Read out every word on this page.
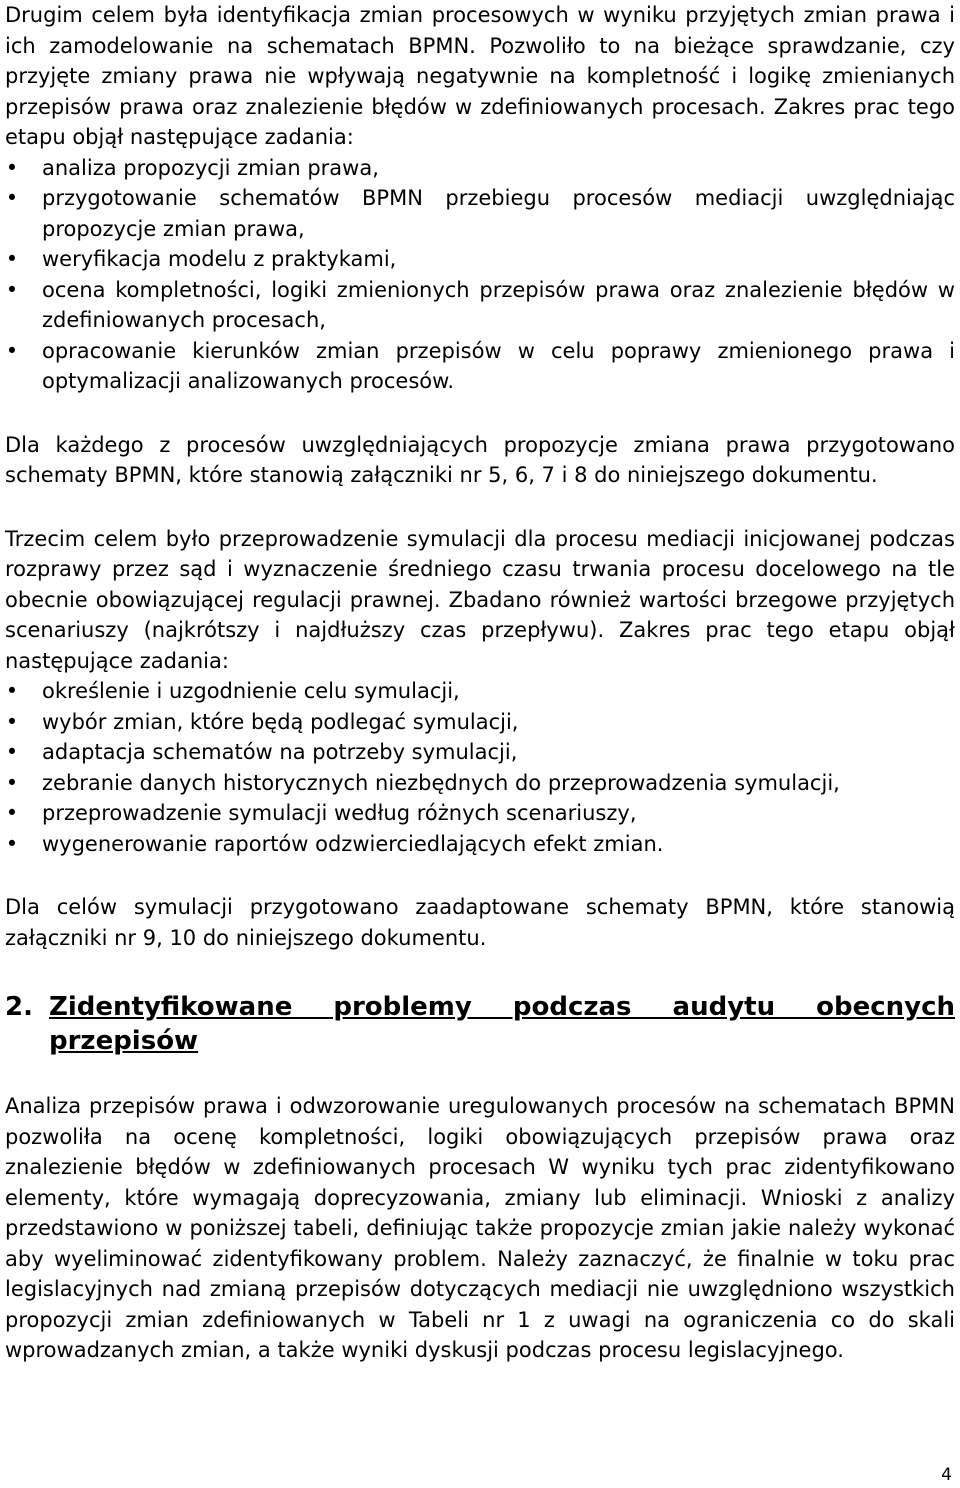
Drugim celem była identyfikacja zmian procesowych w wyniku przyjętych zmian prawa i ich zamodelowanie na schematach BPMN. Pozwoliło to na bieżące sprawdzanie, czy przyjęte zmiany prawa nie wpływają negatywnie na kompletność i logikę zmienianych przepisów prawa oraz znalezienie błędów w zdefiniowanych procesach. Zakres prac tego etapu objął następujące zadania:

• analiza propozycji zmian prawa,
• przygotowanie schematów BPMN przebiegu procesów mediacji uwzględniając propozycje zmian prawa,
• weryfikacja modelu z praktykami,
• ocena kompletności, logiki zmienionych przepisów prawa oraz znalezienie błędów w zdefiniowanych procesach,
• opracowanie kierunków zmian przepisów w celu poprawy zmienionego prawa i optymalizacji analizowanych procesów.

Dla każdego z procesów uwzględniających propozycje zmiana prawa przygotowano schematy BPMN, które stanowią załączniki nr 5, 6, 7 i 8 do niniejszego dokumentu.

Trzecim celem było przeprowadzenie symulacji dla procesu mediacji inicjowanej podczas rozprawy przez sąd i wyznaczenie średniego czasu trwania procesu docelowego na tle obecnie obowiązującej regulacji prawnej. Zbadano również wartości brzegowe przyjętych scenariuszy (najkrótszy i najdłuższy czas przepływu). Zakres prac tego etapu objął następujące zadania:

• określenie i uzgodnienie celu symulacji,
• wybór zmian, które będą podlegać symulacji,
• adaptacja schematów na potrzeby symulacji,
• zebranie danych historycznych niezbędnych do przeprowadzenia symulacji,
• przeprowadzenie symulacji według różnych scenariuszy,
• wygenerowanie raportów odzwierciedlających efekt zmian.

Dla celów symulacji przygotowano zaadaptowane schematy BPMN, które stanowią załączniki nr 9, 10 do niniejszego dokumentu.

2. Zidentyfikowane problemy podczas audytu obecnych przepisów

Analiza przepisów prawa i odwzorowanie uregulowanych procesów na schematach BPMN pozwoliła na ocenę kompletności, logiki obowiązujących przepisów prawa oraz znalezienie błędów w zdefiniowanych procesach W wyniku tych prac zidentyfikowano elementy, które wymagają doprecyzowania, zmiany lub eliminacji. Wnioski z analizy przedstawiono w poniższej tabeli, definiując także propozycje zmian jakie należy wykonać aby wyeliminować zidentyfikowany problem. Należy zaznaczyć, że finalnie w toku prac legislacyjnych nad zmianą przepisów dotyczących mediacji nie uwzględniono wszystkich propozycji zmian zdefiniowanych w Tabeli nr 1 z uwagi na ograniczenia co do skali wprowadzanych zmian, a także wyniki dyskusji podczas procesu legislacyjnego.

4
